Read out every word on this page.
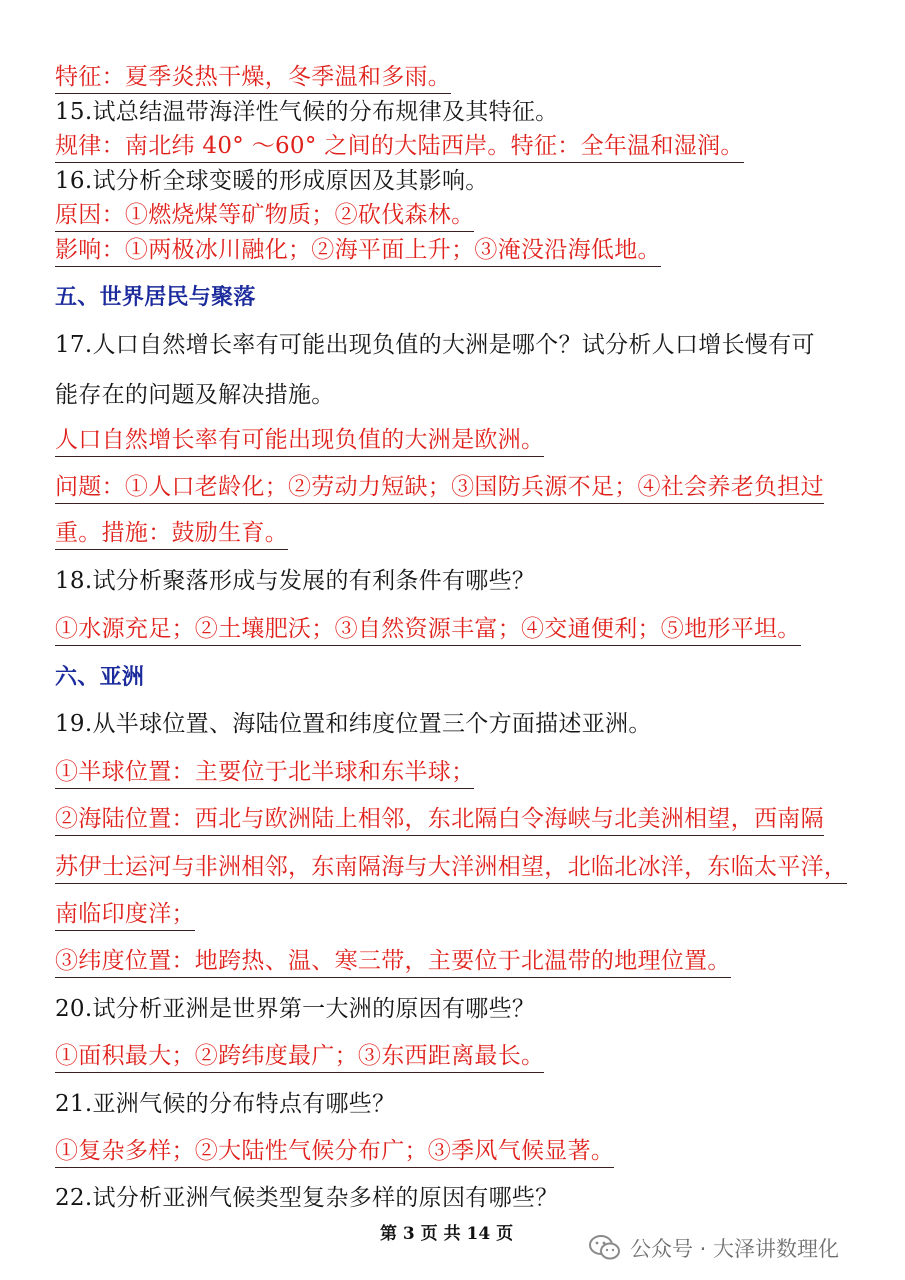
特征：夏季炎热干燥，冬季温和多雨。
15.试总结温带海洋性气候的分布规律及其特征。
规律：南北纬 40° ～60° 之间的大陆西岸。特征：全年温和湿润。
16.试分析全球变暖的形成原因及其影响。
原因：①燃烧煤等矿物质；②砍伐森林。
影响：①两极冰川融化；②海平面上升；③淹没沿海低地。
五、世界居民与聚落
17.人口自然增长率有可能出现负值的大洲是哪个？试分析人口增长慢有可
能存在的问题及解决措施。
人口自然增长率有可能出现负值的大洲是欧洲。
问题：①人口老龄化；②劳动力短缺；③国防兵源不足；④社会养老负担过
重。措施：鼓励生育。
18.试分析聚落形成与发展的有利条件有哪些？
①水源充足；②土壤肥沃；③自然资源丰富；④交通便利；⑤地形平坦。
六、亚洲
19.从半球位置、海陆位置和纬度位置三个方面描述亚洲。
①半球位置：主要位于北半球和东半球；
②海陆位置：西北与欧洲陆上相邻，东北隔白令海峡与北美洲相望，西南隔
苏伊士运河与非洲相邻，东南隔海与大洋洲相望，北临北冰洋，东临太平洋，
南临印度洋；
③纬度位置：地跨热、温、寒三带，主要位于北温带的地理位置。
20.试分析亚洲是世界第一大洲的原因有哪些？
①面积最大；②跨纬度最广；③东西距离最长。
21.亚洲气候的分布特点有哪些？
①复杂多样；②大陆性气候分布广；③季风气候显著。
22.试分析亚洲气候类型复杂多样的原因有哪些？
第 3 页 共 14 页
公众号 · 大泽讲数理化
